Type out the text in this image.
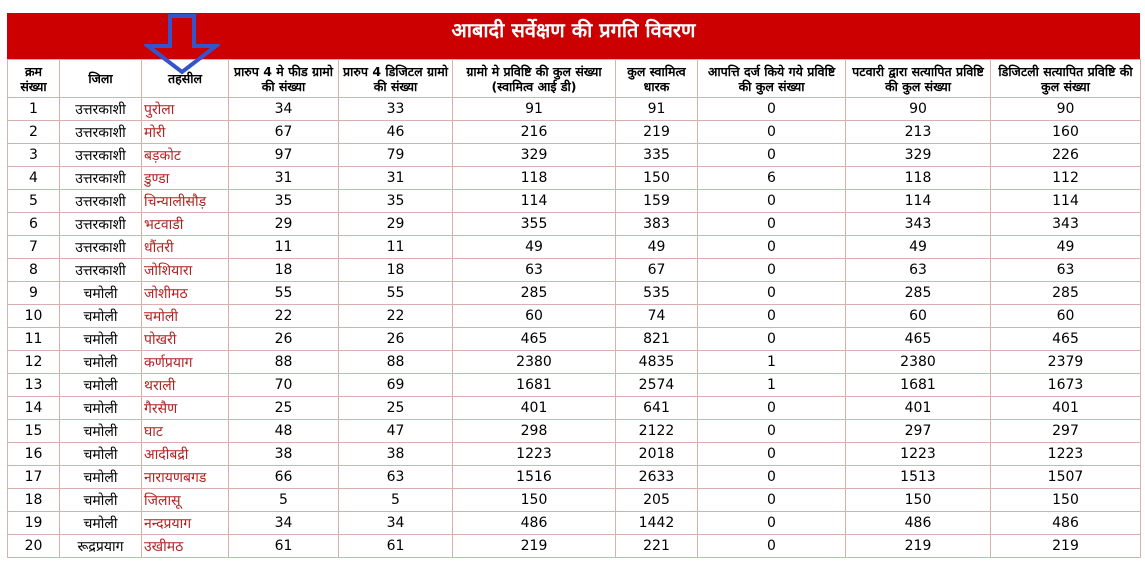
आबादी सर्वेक्षण की प्रगति विवरण
क्रम संख्या	जिला	तहसील	प्रारुप 4 मे फीड ग्रामो की संख्या	प्रारुप 4 डिजिटल ग्रामो की संख्या	ग्रामो मे प्रविष्टि की कुल संख्या (स्वामित्व आई डी)	कुल स्वामित्व धारक	आपत्ति दर्ज किये गये प्रविष्टि की कुल संख्या	पटवारी द्वारा सत्यापित प्रविष्टि की कुल संख्या	डिजिटली सत्यापित प्रविष्टि की कुल संख्या
1	उत्तरकाशी	पुरोला	34	33	91	91	0	90	90
2	उत्तरकाशी	मोरी	67	46	216	219	0	213	160
3	उत्तरकाशी	बड़कोट	97	79	329	335	0	329	226
4	उत्तरकाशी	डुण्डा	31	31	118	150	6	118	112
5	उत्तरकाशी	चिन्यालीसौड़	35	35	114	159	0	114	114
6	उत्तरकाशी	भटवाडी	29	29	355	383	0	343	343
7	उत्तरकाशी	धौंतरी	11	11	49	49	0	49	49
8	उत्तरकाशी	जोशियारा	18	18	63	67	0	63	63
9	चमोली	जोशीमठ	55	55	285	535	0	285	285
10	चमोली	चमोली	22	22	60	74	0	60	60
11	चमोली	पोखरी	26	26	465	821	0	465	465
12	चमोली	कर्णप्रयाग	88	88	2380	4835	1	2380	2379
13	चमोली	थराली	70	69	1681	2574	1	1681	1673
14	चमोली	गैरसैण	25	25	401	641	0	401	401
15	चमोली	घाट	48	47	298	2122	0	297	297
16	चमोली	आदीबद्री	38	38	1223	2018	0	1223	1223
17	चमोली	नारायणबगड	66	63	1516	2633	0	1513	1507
18	चमोली	जिलासू	5	5	150	205	0	150	150
19	चमोली	नन्दप्रयाग	34	34	486	1442	0	486	486
20	रूद्रप्रयाग	उखीमठ	61	61	219	221	0	219	219
